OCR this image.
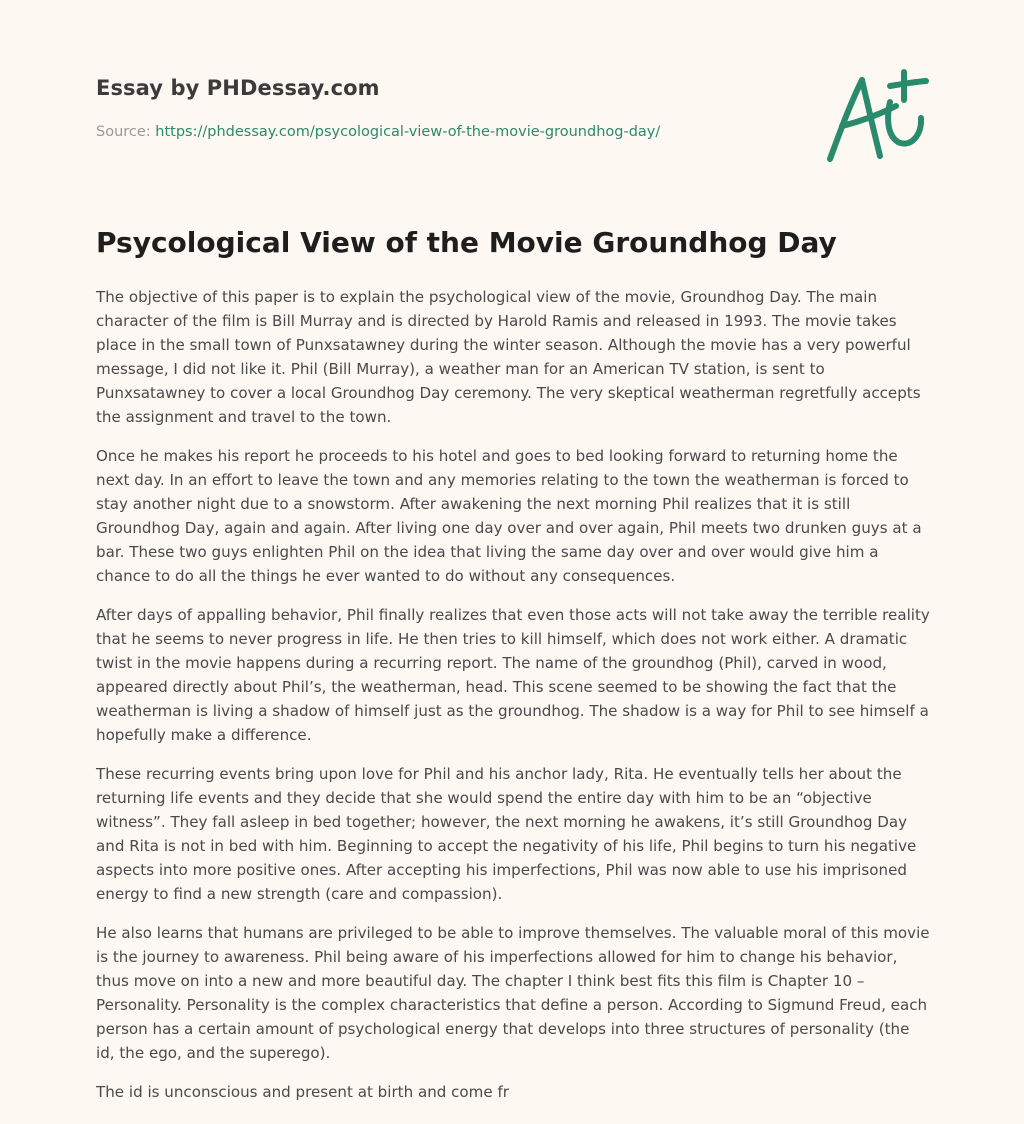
Essay by PHDessay.com

Source: https://phdessay.com/psycological-view-of-the-movie-groundhog-day/

Psycological View of the Movie Groundhog Day

The objective of this paper is to explain the psychological view of the movie, Groundhog Day. The main character of the film is Bill Murray and is directed by Harold Ramis and released in 1993. The movie takes place in the small town of Punxsatawney during the winter season. Although the movie has a very powerful message, I did not like it. Phil (Bill Murray), a weather man for an American TV station, is sent to Punxsatawney to cover a local Groundhog Day ceremony. The very skeptical weatherman regretfully accepts the assignment and travel to the town.

Once he makes his report he proceeds to his hotel and goes to bed looking forward to returning home the next day. In an effort to leave the town and any memories relating to the town the weatherman is forced to stay another night due to a snowstorm. After awakening the next morning Phil realizes that it is still Groundhog Day, again and again. After living one day over and over again, Phil meets two drunken guys at a bar. These two guys enlighten Phil on the idea that living the same day over and over would give him a chance to do all the things he ever wanted to do without any consequences.

After days of appalling behavior, Phil finally realizes that even those acts will not take away the terrible reality that he seems to never progress in life. He then tries to kill himself, which does not work either. A dramatic twist in the movie happens during a recurring report. The name of the groundhog (Phil), carved in wood, appeared directly about Phil’s, the weatherman, head. This scene seemed to be showing the fact that the weatherman is living a shadow of himself just as the groundhog. The shadow is a way for Phil to see himself a hopefully make a difference.

These recurring events bring upon love for Phil and his anchor lady, Rita. He eventually tells her about the returning life events and they decide that she would spend the entire day with him to be an “objective witness”. They fall asleep in bed together; however, the next morning he awakens, it’s still Groundhog Day and Rita is not in bed with him. Beginning to accept the negativity of his life, Phil begins to turn his negative aspects into more positive ones. After accepting his imperfections, Phil was now able to use his imprisoned energy to find a new strength (care and compassion).

He also learns that humans are privileged to be able to improve themselves. The valuable moral of this movie is the journey to awareness. Phil being aware of his imperfections allowed for him to change his behavior, thus move on into a new and more beautiful day. The chapter I think best fits this film is Chapter 10 – Personality. Personality is the complex characteristics that define a person. According to Sigmund Freud, each person has a certain amount of psychological energy that develops into three structures of personality (the id, the ego, and the superego).

The id is unconscious and present at birth and come fr
